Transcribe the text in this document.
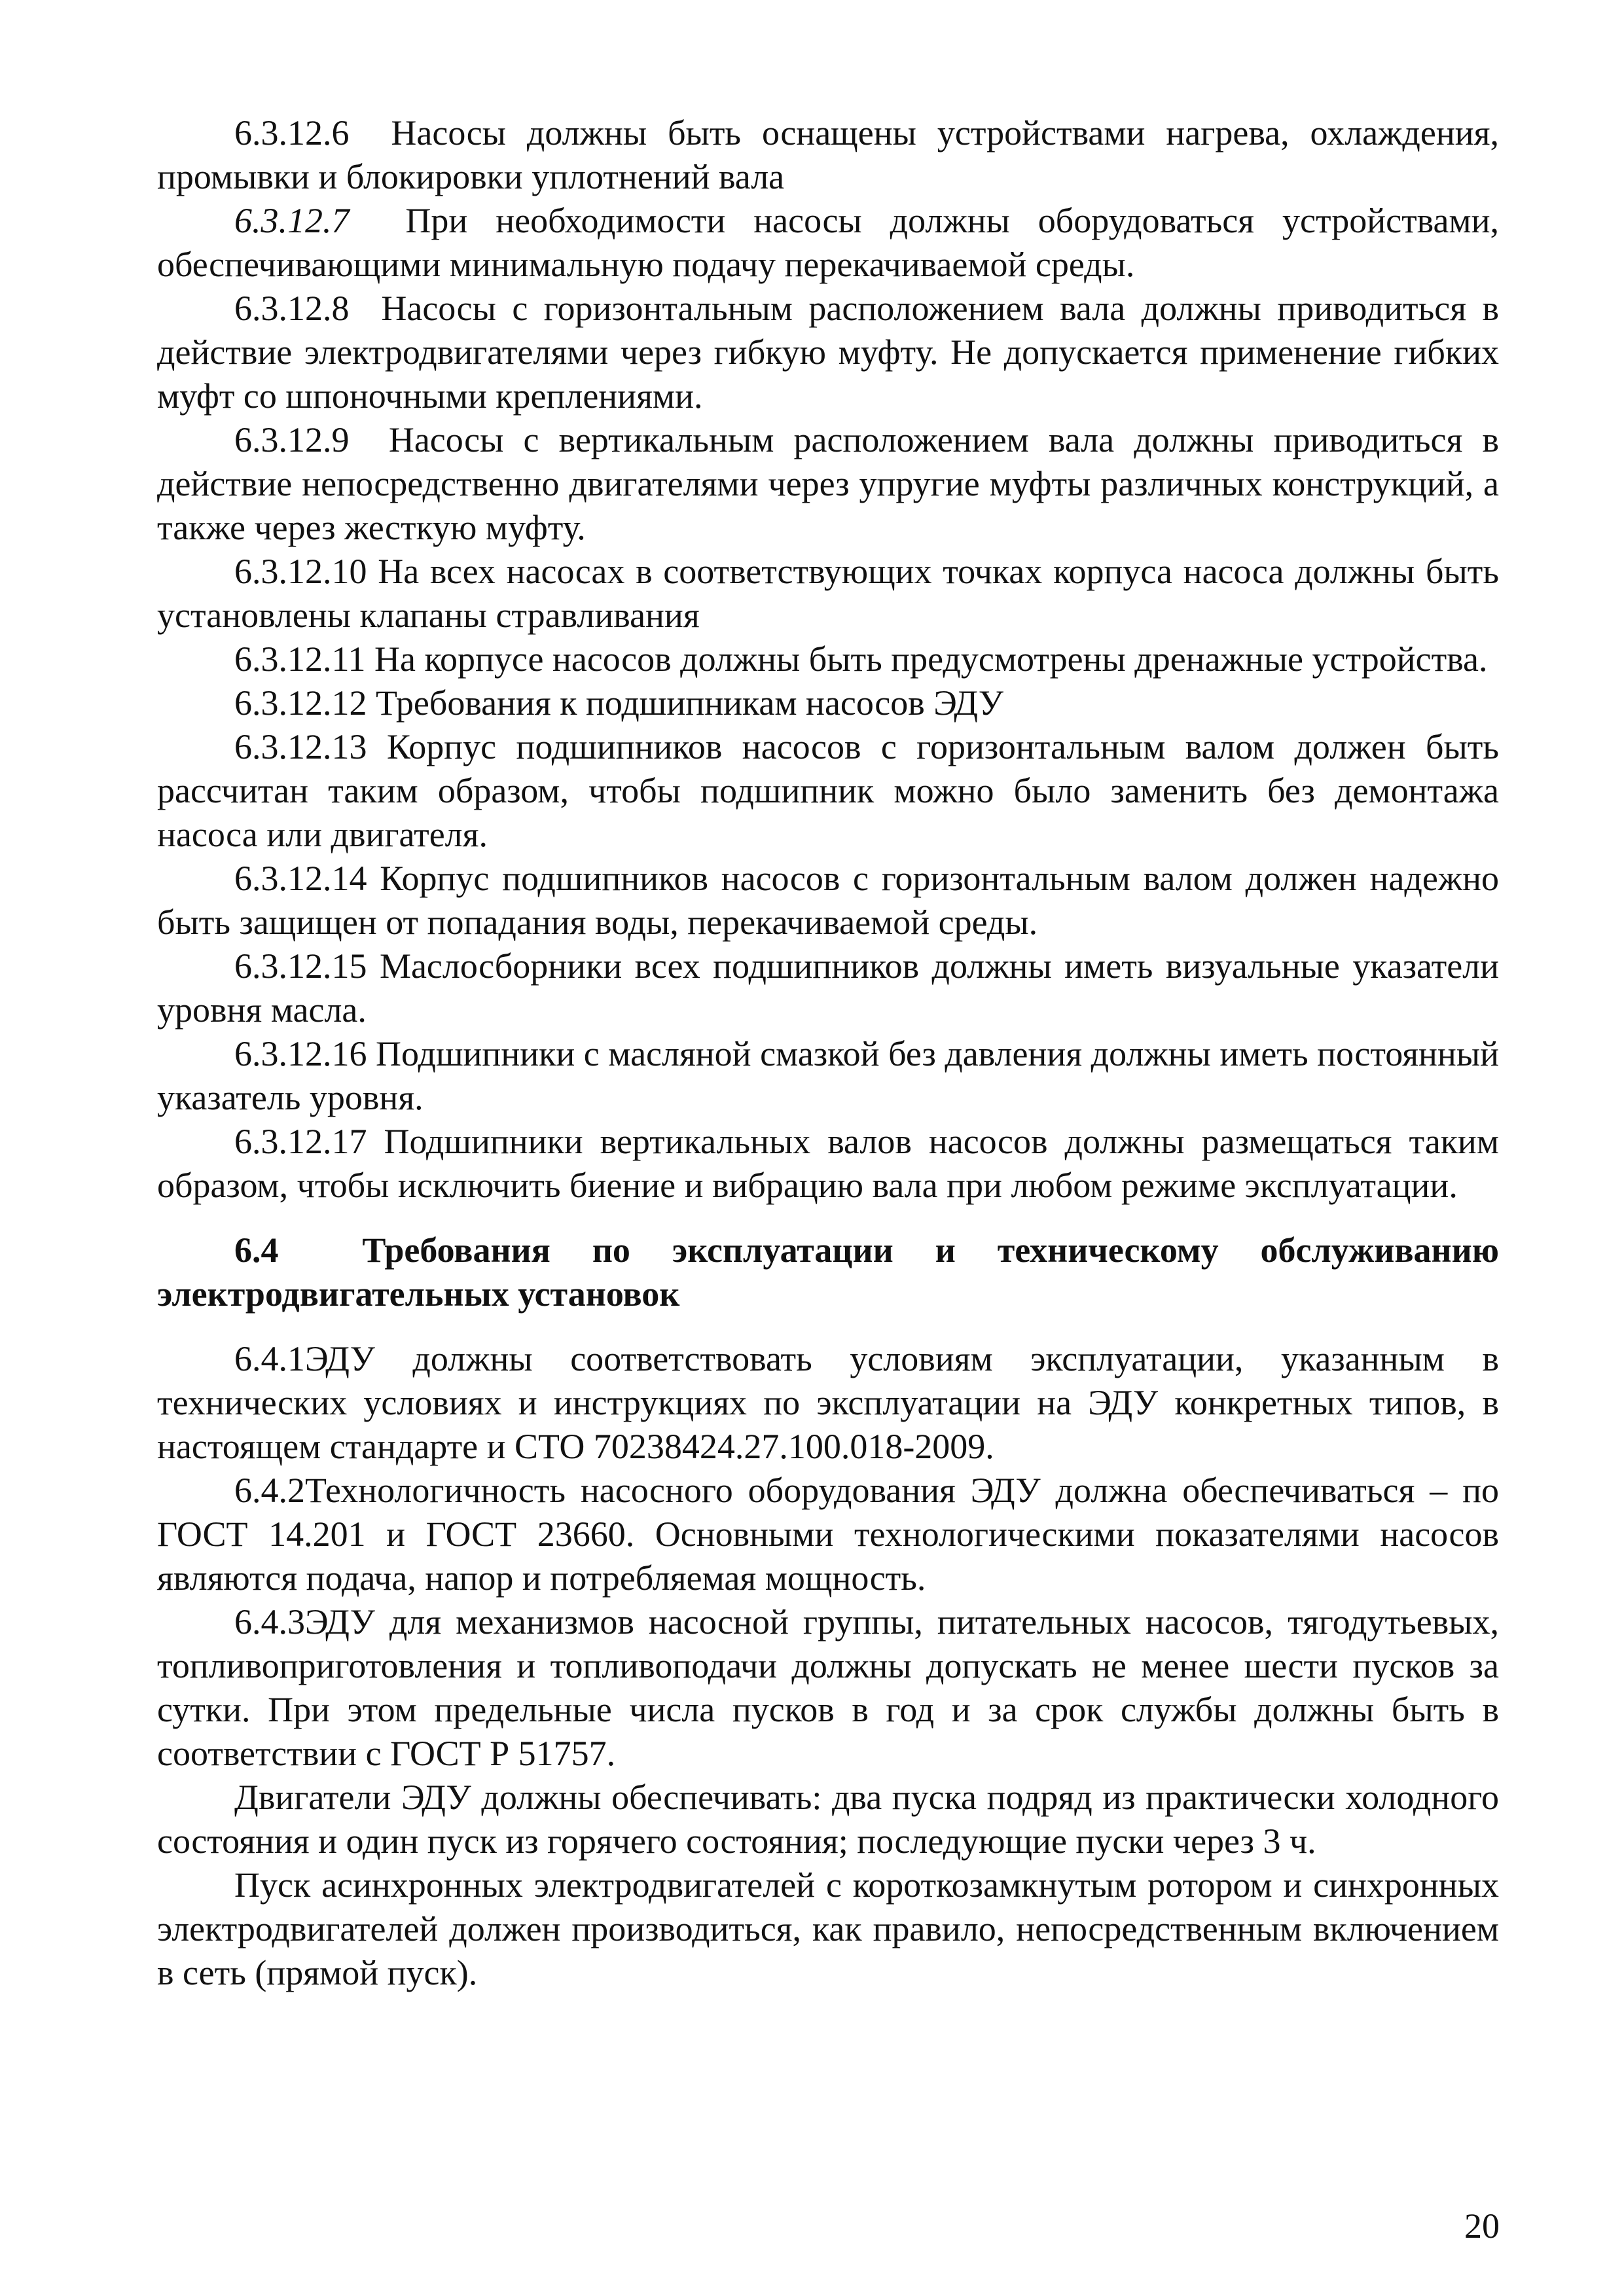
6.3.12.6 Насосы должны быть оснащены устройствами нагрева, охлаждения, промывки и блокировки уплотнений вала

6.3.12.7 При необходимости насосы должны оборудоваться устройствами, обеспечивающими минимальную подачу перекачиваемой среды.

6.3.12.8 Насосы с горизонтальным расположением вала должны приводиться в действие электродвигателями через гибкую муфту. Не допускается применение гибких муфт со шпоночными креплениями.

6.3.12.9 Насосы с вертикальным расположением вала должны приводиться в действие непосредственно двигателями через упругие муфты различных конструкций, а также через жесткую муфту.

6.3.12.10 На всех насосах в соответствующих точках корпуса насоса должны быть установлены клапаны стравливания

6.3.12.11 На корпусе насосов должны быть предусмотрены дренажные устройства.

6.3.12.12 Требования к подшипникам насосов ЭДУ

6.3.12.13 Корпус подшипников насосов с горизонтальным валом должен быть рассчитан таким образом, чтобы подшипник можно было заменить без демонтажа насоса или двигателя.

6.3.12.14 Корпус подшипников насосов с горизонтальным валом должен надежно быть защищен от попадания воды, перекачиваемой среды.

6.3.12.15 Маслосборники всех подшипников должны иметь визуальные указатели уровня масла.

6.3.12.16 Подшипники с масляной смазкой без давления должны иметь постоянный указатель уровня.

6.3.12.17 Подшипники вертикальных валов насосов должны размещаться таким образом, чтобы исключить биение и вибрацию вала при любом режиме эксплуатации.

6.4 Требования по эксплуатации и техническому обслуживанию электродвигательных установок

6.4.1ЭДУ должны соответствовать условиям эксплуатации, указанным в технических условиях и инструкциях по эксплуатации на ЭДУ конкретных типов, в настоящем стандарте и СТО 70238424.27.100.018-2009.

6.4.2Технологичность насосного оборудования ЭДУ должна обеспечиваться – по ГОСТ 14.201 и ГОСТ 23660. Основными технологическими показателями насосов являются подача, напор и потребляемая мощность.

6.4.3ЭДУ для механизмов насосной группы, питательных насосов, тягодутьевых, топливоприготовления и топливоподачи должны допускать не менее шести пусков за сутки. При этом предельные числа пусков в год и за срок службы должны быть в соответствии с ГОСТ Р 51757.

Двигатели ЭДУ должны обеспечивать: два пуска подряд из практически холодного состояния и один пуск из горячего состояния; последующие пуски через 3 ч.

Пуск асинхронных электродвигателей с короткозамкнутым ротором и синхронных электродвигателей должен производиться, как правило, непосредственным включением в сеть (прямой пуск).

20
